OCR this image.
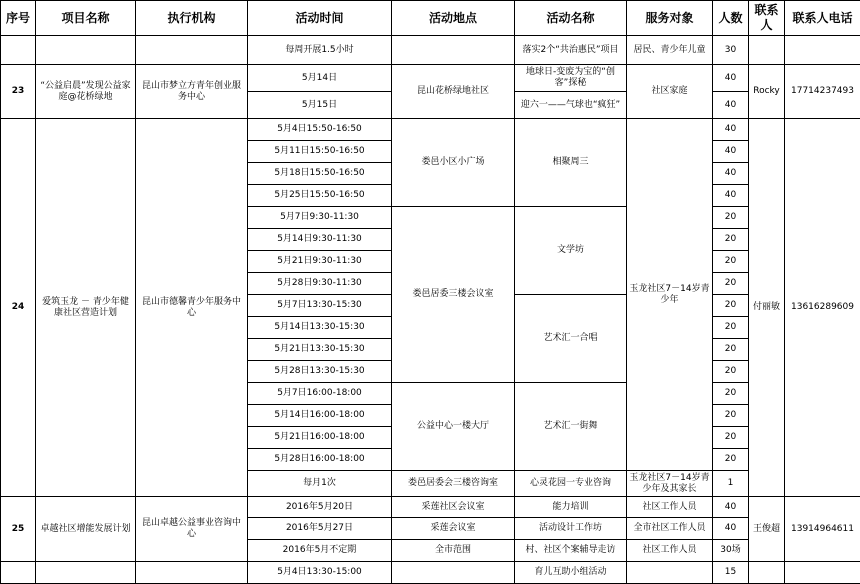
序号	项目名称	执行机构	活动时间	活动地点	活动名称	服务对象	人数	联系人	联系人电话
			每周开展1.5小时		落实2个“共治惠民”项目	居民、青少年儿童	30		
23	“公益启晨”发现公益家庭@花桥绿地	昆山市梦立方青年创业服务中心	5月14日	昆山花桥绿地社区	地球日-变废为宝的“创客”探秘	社区家庭	40	Rocky	17714237493
			5月15日		迎六一——气球也“疯狂”		40		
24	爱筑玉龙 － 青少年健康社区营造计划	昆山市德馨青少年服务中心	5月4日15:50-16:50	娄邑小区小广场	相聚周三	玉龙社区7－14岁青少年	40	付丽敏	13616289609
			5月11日15:50-16:50				40		
			5月18日15:50-16:50				40		
			5月25日15:50-16:50				40		
			5月7日9:30-11:30	娄邑居委三楼会议室	文学坊		20		
			5月14日9:30-11:30				20		
			5月21日9:30-11:30				20		
			5月28日9:30-11:30				20		
			5月7日13:30-15:30		艺术汇一合唱		20		
			5月14日13:30-15:30				20		
			5月21日13:30-15:30				20		
			5月28日13:30-15:30				20		
			5月7日16:00-18:00	公益中心一楼大厅	艺术汇一街舞		20		
			5月14日16:00-18:00				20		
			5月21日16:00-18:00				20		
			5月28日16:00-18:00				20		
			每月1次	娄邑居委会三楼咨询室	心灵花园一专业咨询	玉龙社区7－14岁青少年及其家长	1		
25	卓越社区增能发展计划	昆山卓越公益事业咨询中心	2016年5月20日	采莲社区会议室	能力培训	社区工作人员	40	王俊超	13914964611
			2016年5月27日	采莲会议室	活动设计工作坊	全市社区工作人员	40		
			2016年5月不定期	全市范围	村、社区个案辅导走访	社区工作人员	30场		
			5月4日13:30-15:00		育儿互助小组活动		15		
